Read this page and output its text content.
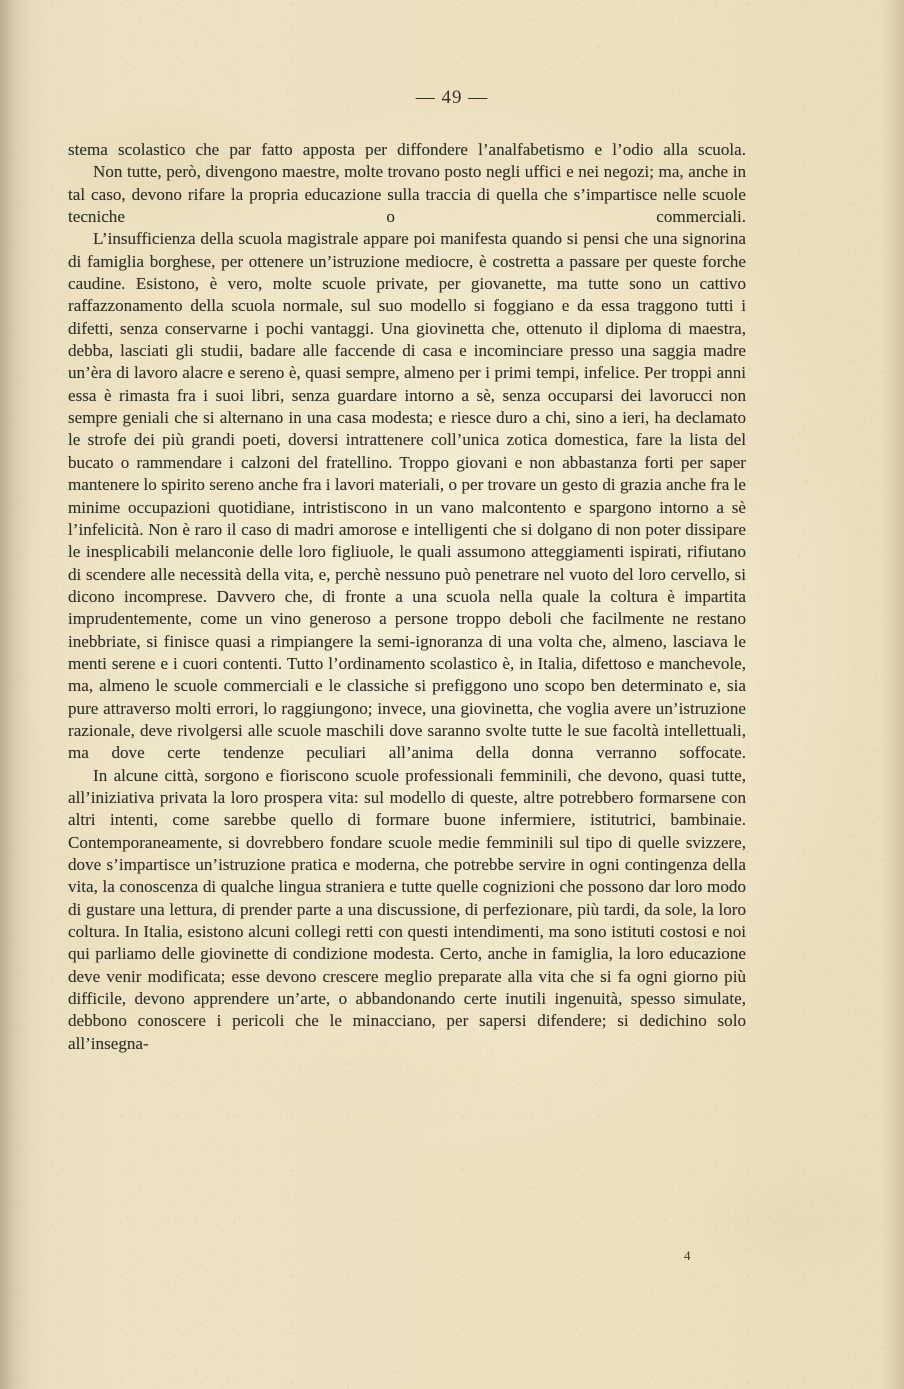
— 49 —

stema scolastico che par fatto apposta per diffondere l’analfabetismo e l’odio alla scuola.

Non tutte, però, divengono maestre, molte trovano posto negli uffici e nei negozi; ma, anche in tal caso, devono rifare la propria educazione sulla traccia di quella che s’impartisce nelle scuole tecniche o commerciali.

L’insufficienza della scuola magistrale appare poi manifesta quando si pensi che una signorina di famiglia borghese, per ottenere un’istruzione mediocre, è costretta a passare per queste forche caudine. Esistono, è vero, molte scuole private, per giovanette, ma tutte sono un cattivo raffazzonamento della scuola normale, sul suo modello si foggiano e da essa traggono tutti i difetti, senza conservarne i pochi vantaggi. Una giovinetta che, ottenuto il diploma di maestra, debba, lasciati gli studii, badare alle faccende di casa e incominciare presso una saggia madre un’èra di lavoro alacre e sereno è, quasi sempre, almeno per i primi tempi, infelice. Per troppi anni essa è rimasta fra i suoi libri, senza guardare intorno a sè, senza occuparsi dei lavorucci non sempre geniali che si alternano in una casa modesta; e riesce duro a chi, sino a ieri, ha declamato le strofe dei più grandi poeti, doversi intrattenere coll’unica zotica domestica, fare la lista del bucato o rammendare i calzoni del fratellino. Troppo giovani e non abbastanza forti per saper mantenere lo spirito sereno anche fra i lavori materiali, o per trovare un gesto di grazia anche fra le minime occupazioni quotidiane, intristiscono in un vano malcontento e spargono intorno a sè l’infelicità. Non è raro il caso di madri amorose e intelligenti che si dolgano di non poter dissipare le inesplicabili melanconie delle loro figliuole, le quali assumono atteggiamenti ispirati, rifiutano di scendere alle necessità della vita, e, perchè nessuno può penetrare nel vuoto del loro cervello, si dicono incomprese. Davvero che, di fronte a una scuola nella quale la coltura è impartita imprudentemente, come un vino generoso a persone troppo deboli che facilmente ne restano inebbriate, si finisce quasi a rimpiangere la semi-ignoranza di una volta che, almeno, lasciava le menti serene e i cuori contenti. Tutto l’ordinamento scolastico è, in Italia, difettoso e manchevole, ma, almeno le scuole commerciali e le classiche si prefiggono uno scopo ben determinato e, sia pure attraverso molti errori, lo raggiungono; invece, una giovinetta, che voglia avere un’istruzione razionale, deve rivolgersi alle scuole maschili dove saranno svolte tutte le sue facoltà intellettuali, ma dove certe tendenze peculiari all’anima della donna verranno soffocate.

In alcune città, sorgono e fioriscono scuole professionali femminili, che devono, quasi tutte, all’iniziativa privata la loro prospera vita: sul modello di queste, altre potrebbero formarsene con altri intenti, come sarebbe quello di formare buone infermiere, istitutrici, bambinaie. Contemporaneamente, si dovrebbero fondare scuole medie femminili sul tipo di quelle svizzere, dove s’impartisce un’istruzione pratica e moderna, che potrebbe servire in ogni contingenza della vita, la conoscenza di qualche lingua straniera e tutte quelle cognizioni che possono dar loro modo di gustare una lettura, di prender parte a una discussione, di perfezionare, più tardi, da sole, la loro coltura. In Italia, esistono alcuni collegi retti con questi intendimenti, ma sono istituti costosi e noi qui parliamo delle giovinette di condizione modesta. Certo, anche in famiglia, la loro educazione deve venir modificata; esse devono crescere meglio preparate alla vita che si fa ogni giorno più difficile, devono apprendere un’arte, o abbandonando certe inutili ingenuità, spesso simulate, debbono conoscere i pericoli che le minacciano, per sapersi difendere; si dedichino solo all’insegna-

4
